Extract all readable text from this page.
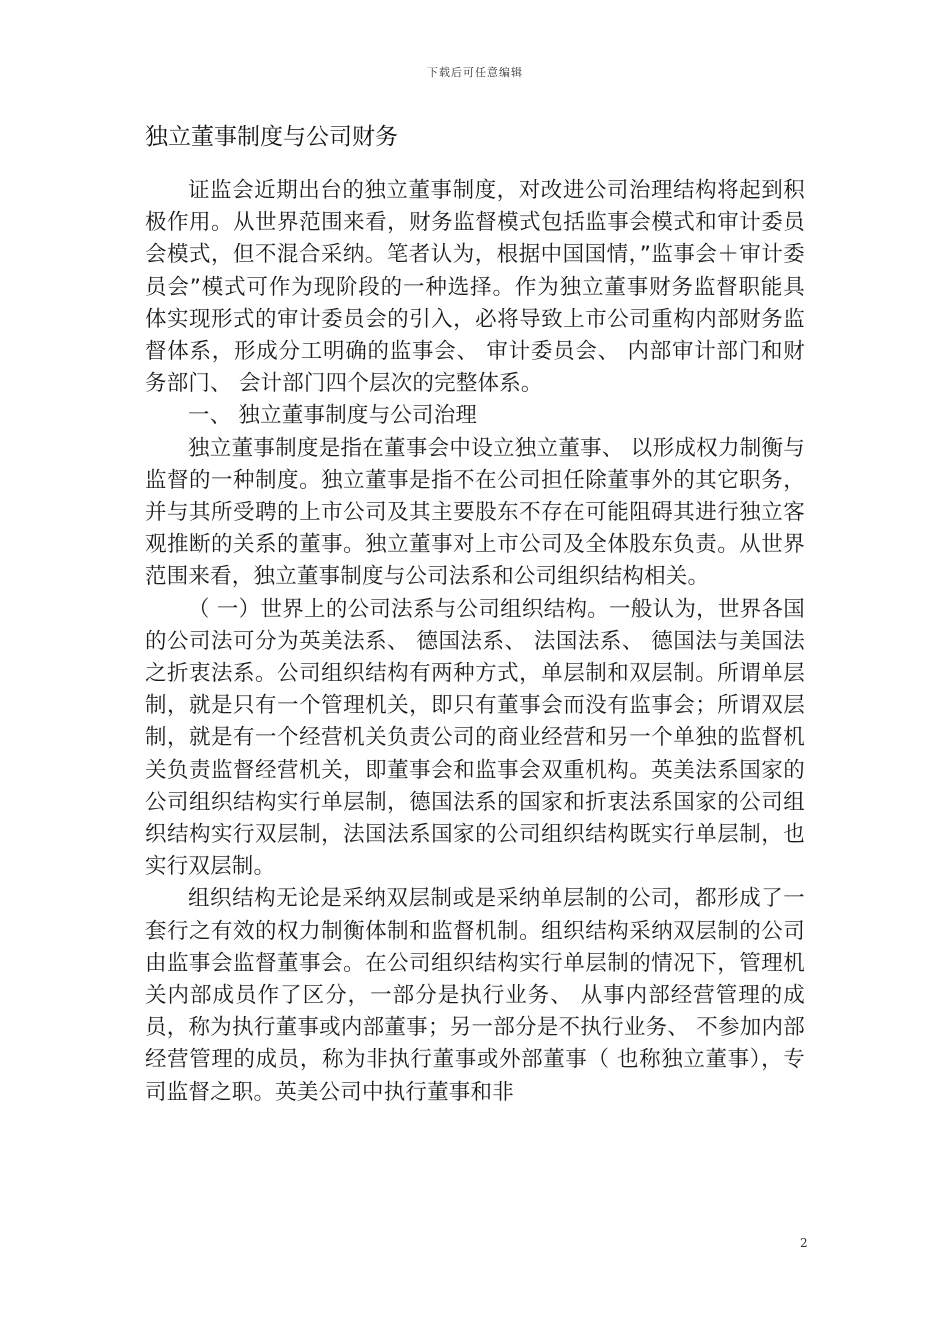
下载后可任意编辑
独立董事制度与公司财务

证监会近期出台的独立董事制度，对改进公司治理结构将起到积极作用。从世界范围来看，财务监督模式包括监事会模式和审计委员会模式，但不混合采纳。笔者认为，根据中国国情，”监事会＋审计委员会”模式可作为现阶段的一种选择。作为独立董事财务监督职能具体实现形式的审计委员会的引入，必将导致上市公司重构内部财务监督体系，形成分工明确的监事会、 审计委员会、 内部审计部门和财务部门、 会计部门四个层次的完整体系。

一、 独立董事制度与公司治理

独立董事制度是指在董事会中设立独立董事、 以形成权力制衡与监督的一种制度。独立董事是指不在公司担任除董事外的其它职务，并与其所受聘的上市公司及其主要股东不存在可能阻碍其进行独立客观推断的关系的董事。独立董事对上市公司及全体股东负责。从世界范围来看，独立董事制度与公司法系和公司组织结构相关。

（ 一）世界上的公司法系与公司组织结构。一般认为，世界各国的公司法可分为英美法系、 德国法系、 法国法系、 德国法与美国法之折衷法系。公司组织结构有两种方式，单层制和双层制。所谓单层制，就是只有一个管理机关，即只有董事会而没有监事会；所谓双层制，就是有一个经营机关负责公司的商业经营和另一个单独的监督机关负责监督经营机关，即董事会和监事会双重机构。英美法系国家的公司组织结构实行单层制，德国法系的国家和折衷法系国家的公司组织结构实行双层制，法国法系国家的公司组织结构既实行单层制，也实行双层制。

组织结构无论是采纳双层制或是采纳单层制的公司，都形成了一套行之有效的权力制衡体制和监督机制。组织结构采纳双层制的公司由监事会监督董事会。在公司组织结构实行单层制的情况下，管理机关内部成员作了区分，一部分是执行业务、 从事内部经营管理的成员，称为执行董事或内部董事；另一部分是不执行业务、 不参加内部经营管理的成员，称为非执行董事或外部董事（ 也称独立董事），专司监督之职。英美公司中执行董事和非

2
